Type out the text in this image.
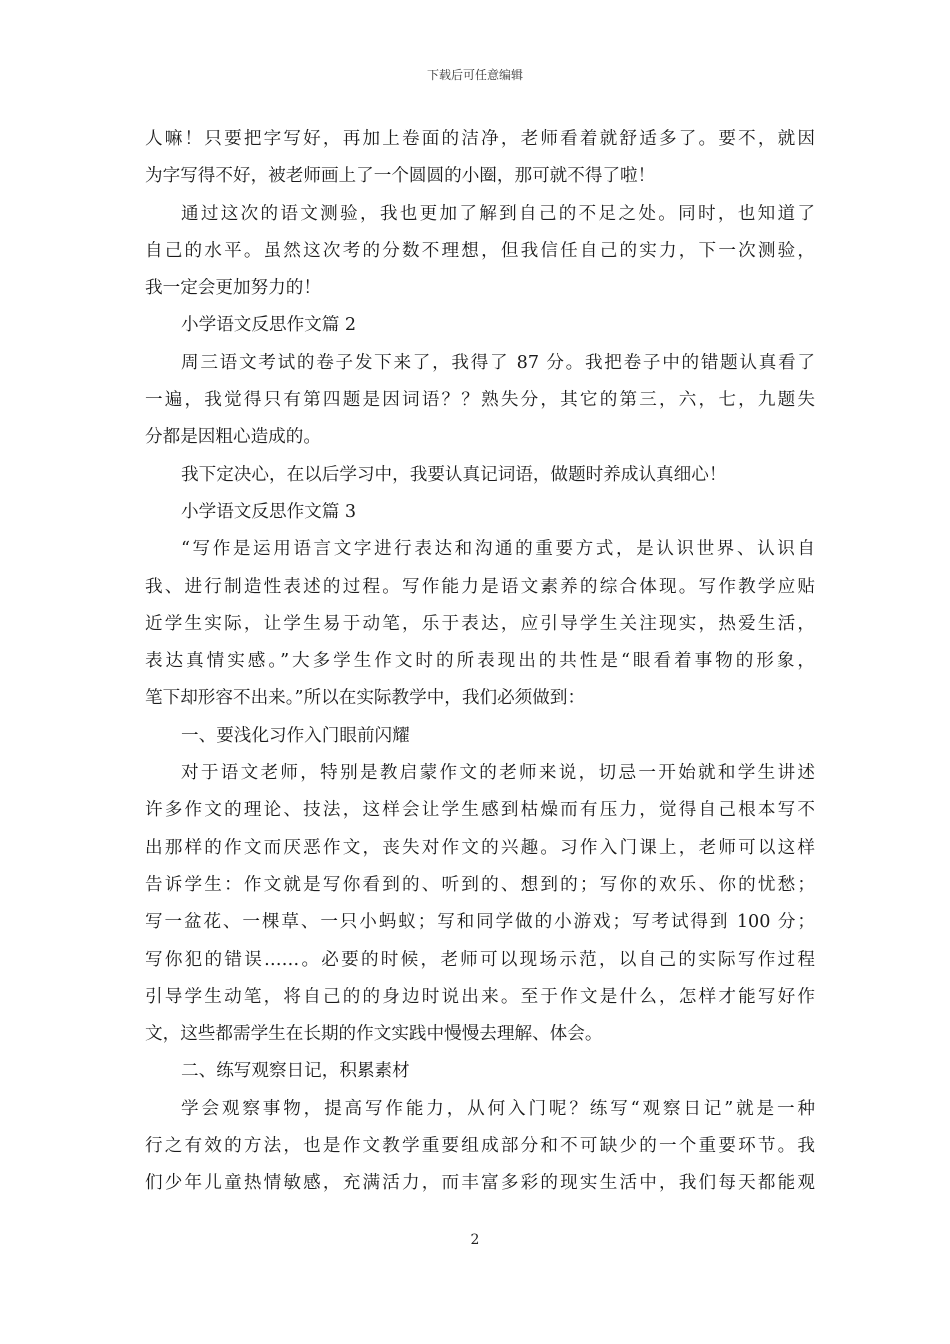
下载后可任意编辑
人嘛！只要把字写好，再加上卷面的洁净，老师看着就舒适多了。要不，就因
为字写得不好，被老师画上了一个圆圆的小圈，那可就不得了啦！
通过这次的语文测验，我也更加了解到自己的不足之处。同时，也知道了
自己的水平。虽然这次考的分数不理想，但我信任自己的实力，下一次测验，
我一定会更加努力的！
小学语文反思作文篇 2
周三语文考试的卷子发下来了，我得了 87 分。我把卷子中的错题认真看了
一遍，我觉得只有第四题是因词语？？熟失分，其它的第三，六，七，九题失
分都是因粗心造成的。
我下定决心，在以后学习中，我要认真记词语，做题时养成认真细心！
小学语文反思作文篇 3
“写作是运用语言文字进行表达和沟通的重要方式，是认识世界、认识自
我、进行制造性表述的过程。写作能力是语文素养的综合体现。写作教学应贴
近学生实际，让学生易于动笔，乐于表达，应引导学生关注现实，热爱生活，
表达真情实感。”大多学生作文时的所表现出的共性是“眼看着事物的形象，
笔下却形容不出来。”所以在实际教学中，我们必须做到：
一、要浅化习作入门眼前闪耀
对于语文老师，特别是教启蒙作文的老师来说，切忌一开始就和学生讲述
许多作文的理论、技法，这样会让学生感到枯燥而有压力，觉得自己根本写不
出那样的作文而厌恶作文，丧失对作文的兴趣。习作入门课上，老师可以这样
告诉学生：作文就是写你看到的、听到的、想到的；写你的欢乐、你的忧愁；
写一盆花、一棵草、一只小蚂蚁；写和同学做的小游戏；写考试得到 100 分；
写你犯的错误……。必要的时候，老师可以现场示范，以自己的实际写作过程
引导学生动笔，将自己的的身边时说出来。至于作文是什么，怎样才能写好作
文，这些都需学生在长期的作文实践中慢慢去理解、体会。
二、练写观察日记，积累素材
学会观察事物，提高写作能力，从何入门呢？练写“观察日记”就是一种
行之有效的方法，也是作文教学重要组成部分和不可缺少的一个重要环节。我
们少年儿童热情敏感，充满活力，而丰富多彩的现实生活中，我们每天都能观
2
